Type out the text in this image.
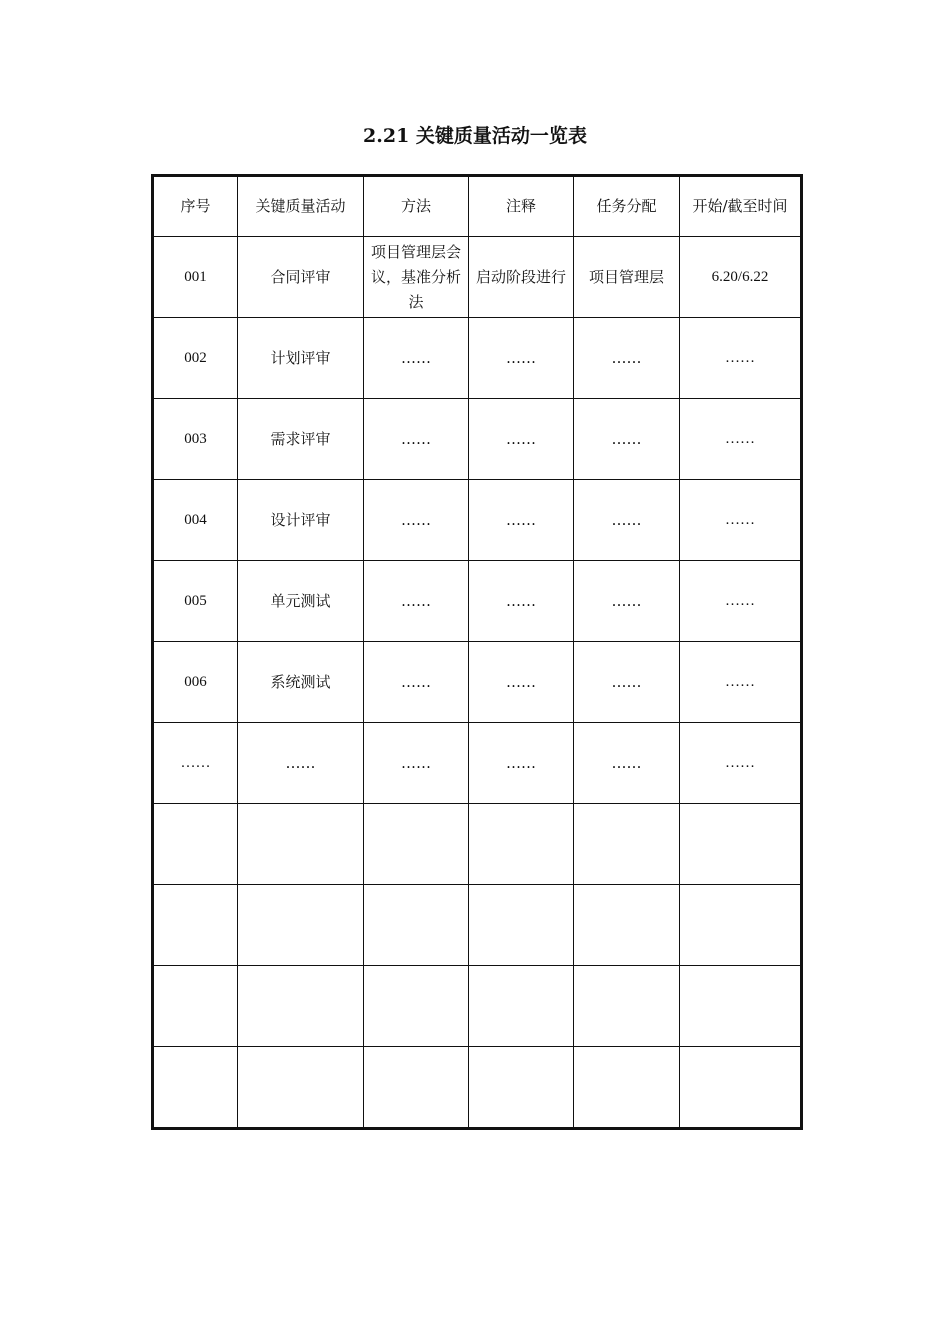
2.21 关键质量活动一览表
序号	关键质量活动	方法	注释	任务分配	开始/截至时间
001	合同评审	项目管理层会议，基准分析法	启动阶段进行	项目管理层	6.20/6.22
002	计划评审	……	……	……	……
003	需求评审	……	……	……	……
004	设计评审	……	……	……	……
005	单元测试	……	……	……	……
006	系统测试	……	……	……	……
……	……	……	……	……	……
